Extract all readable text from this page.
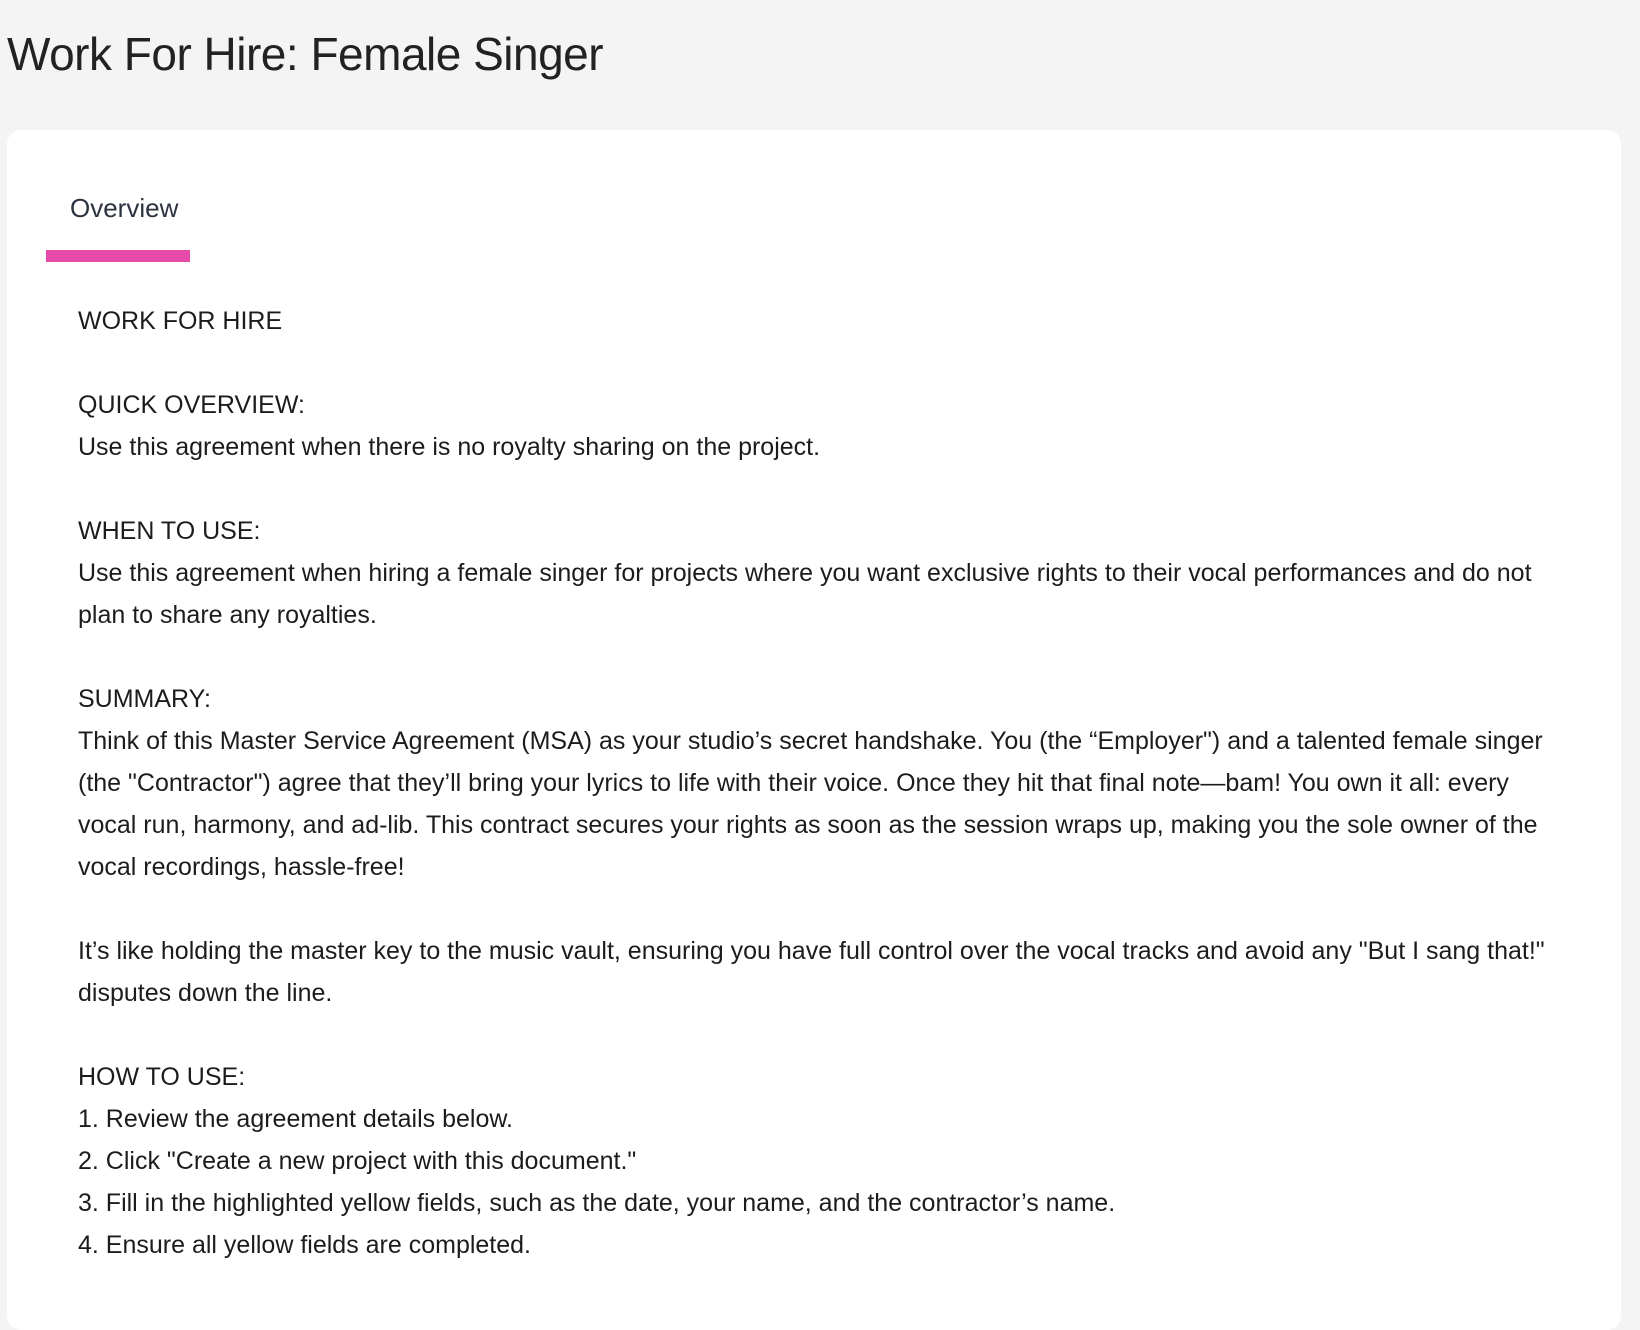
Work For Hire: Female Singer
Overview

WORK FOR HIRE

QUICK OVERVIEW:

Use this agreement when there is no royalty sharing on the project.

WHEN TO USE:

Use this agreement when hiring a female singer for projects where you want exclusive rights to their vocal performances and do not plan to share any royalties.

SUMMARY:

Think of this Master Service Agreement (MSA) as your studio’s secret handshake. You (the “Employer") and a talented female singer (the "Contractor") agree that they’ll bring your lyrics to life with their voice. Once they hit that final note—bam! You own it all: every vocal run, harmony, and ad-lib. This contract secures your rights as soon as the session wraps up, making you the sole owner of the vocal recordings, hassle-free!

It’s like holding the master key to the music vault, ensuring you have full control over the vocal tracks and avoid any "But I sang that!" disputes down the line.

HOW TO USE:

1. Review the agreement details below.

2. Click "Create a new project with this document."

3. Fill in the highlighted yellow fields, such as the date, your name, and the contractor’s name.

4. Ensure all yellow fields are completed.
